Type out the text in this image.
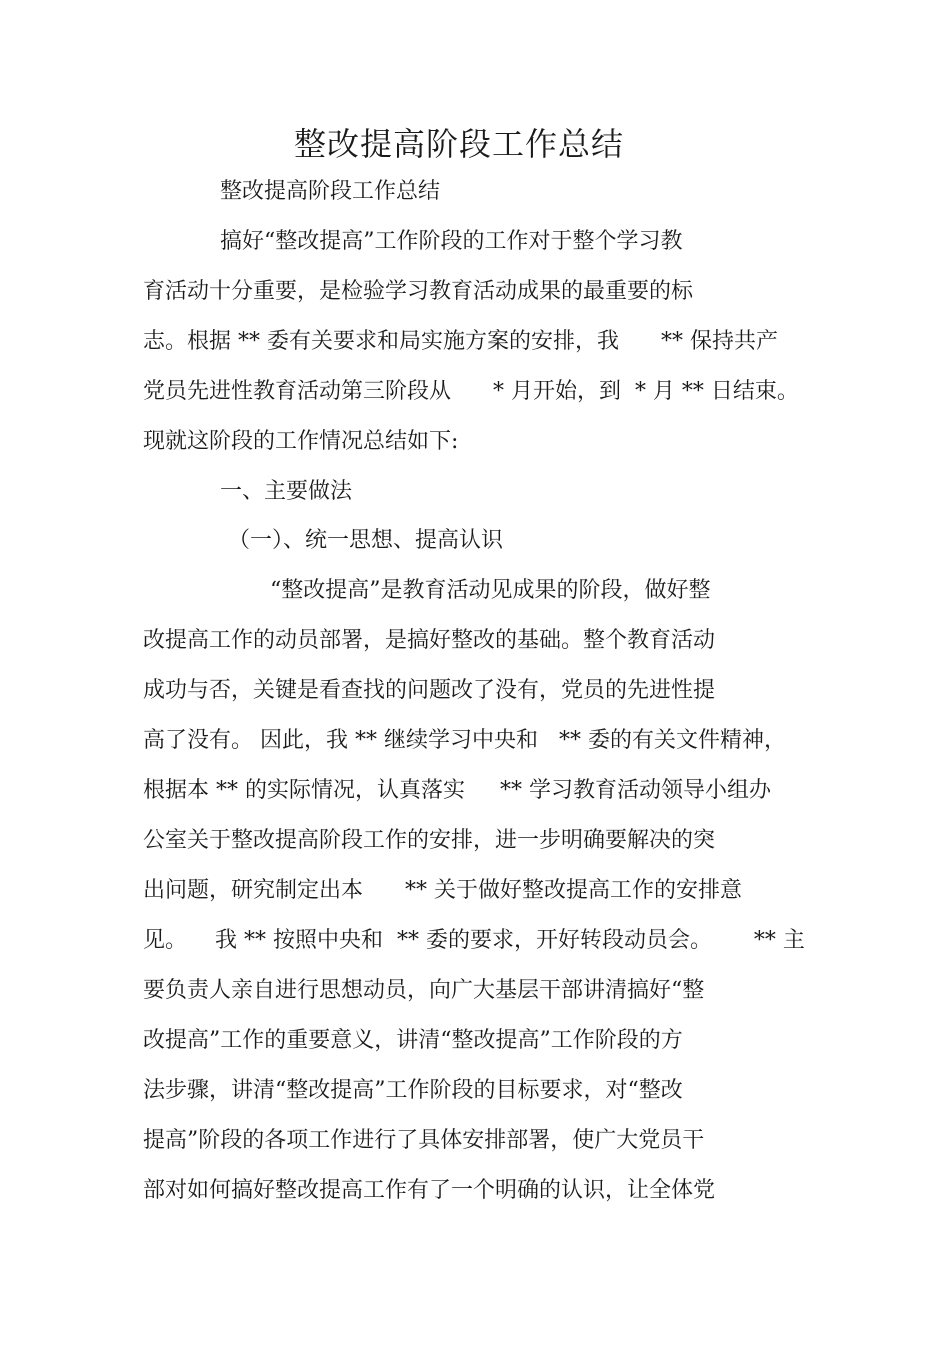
整改提高阶段工作总结

整改提高阶段工作总结

搞好“整改提高”工作阶段的工作对于整个学习教

育活动十分重要，是检验学习教育活动成果的最重要的标

志。根据 ** 委有关要求和局实施方案的安排，我      ** 保持共产

党员先进性教育活动第三阶段从      * 月开始，到  * 月 ** 日结束。

现就这阶段的工作情况总结如下:

一、主要做法

（一）、统一思想、提高认识

“整改提高”是教育活动见成果的阶段，做好整

改提高工作的动员部署，是搞好整改的基础。整个教育活动

成功与否，关键是看查找的问题改了没有，党员的先进性提

高了没有。 因此，我 ** 继续学习中央和   ** 委的有关文件精神，

根据本 ** 的实际情况，认真落实     ** 学习教育活动领导小组办

公室关于整改提高阶段工作的安排，进一步明确要解决的突

出问题，研究制定出本      ** 关于做好整改提高工作的安排意

见。    我 ** 按照中央和  ** 委的要求，开好转段动员会。      ** 主

要负责人亲自进行思想动员，向广大基层干部讲清搞好“整

改提高”工作的重要意义，讲清“整改提高”工作阶段的方

法步骤，讲清“整改提高”工作阶段的目标要求，对“整改

提高”阶段的各项工作进行了具体安排部署，使广大党员干

部对如何搞好整改提高工作有了一个明确的认识，让全体党
